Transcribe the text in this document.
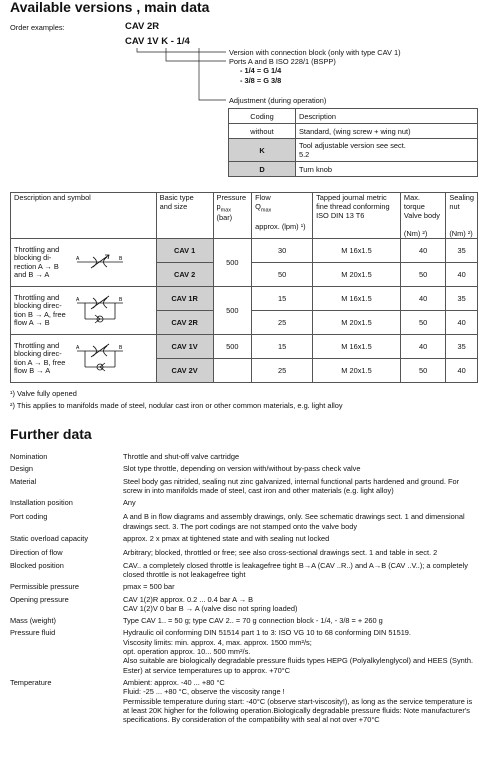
Available versions , main data
Order examples:	CAV 2R
CAV 1V K - 1/4
Version with connection block (only with type CAV 1)
Ports A and B ISO 228/1 (BSPP)
- 1/4 = G 1/4
- 3/8 = G 3/8
Adjustment (during operation)
Coding	Description
without	Standard, (wing screw + wing nut)
K	Tool adjustable version see sect. 5.2
D	Turn knob
Description and symbol	Basic type and size	Pressure
$p_{max}$
(bar)	Flow
$Q_{max}$

approx. (lpm) ¹)	Tapped journal metric fine thread conforming ISO DIN 13 T6	Max. torque Valve body

(Nm) ²)	Sealing nut

(Nm) ²)

Throttling and blocking di- rection A → B and B → A
A B	CAV 1	500	30	M 16x1.5	40	35
	CAV 2		50	M 20x1.5	50	40

Throttling and blocking direc- tion B → A, free flow A → B
A B	CAV 1R	500	15	M 16x1.5	40	35
	CAV 2R		25	M 20x1.5	50	40

Throttling and blocking direc- tion A → B, free flow B → A
A B	CAV 1V	500	15	M 16x1.5	40	35
	CAV 2V		25	M 20x1.5	50	40
¹) Valve fully opened
²) This applies to manifolds made of steel, nodular cast iron or other common materials, e.g. light alloy
Further data
Nomination	Throttle and shut-off valve cartridge
Design	Slot type throttle, depending on version with/without by-pass check valve
Material	Steel body gas nitrided, sealing nut zinc galvanized, internal functional parts hardened and ground. For screw in into manifolds made of steel, cast iron and other materials (e.g. light alloy)
Installation position	Any
Port coding	A and B in flow diagrams and assembly drawings, only. See schematic drawings sect. 1 and dimensional drawings sect. 3. The port codings are not stamped onto the valve body
Static overload capacity	approx. 2 x pmax at tightened state and with sealing nut locked
Direction of flow	Arbitrary; blocked, throttled or free; see also cross-sectional drawings sect. 1 and table in sect. 2
Blocked position	CAV.. a completely closed throttle is leakagefree tight B→A (CAV ..R..) and A→B (CAV ..V..); a completely closed throttle is not leakagefree tight
Permissible pressure	pmax = 500 bar
Opening pressure	CAV 1(2)R approx. 0.2 ... 0.4 bar A → B
CAV 1(2)V 0 bar B → A (valve disc not spring loaded)
Mass (weight)	Type CAV 1.. = 50 g; type CAV 2.. = 70 g connection block - 1/4, - 3/8 = + 260 g
Pressure fluid	Hydraulic oil conforming DIN 51514 part 1 to 3: ISO VG 10 to 68 conforming DIN 51519.
Viscosity limits: min. approx. 4, max. approx. 1500 mm²/s;
opt. operation approx. 10... 500 mm²/s.
Also suitable are biologically degradable pressure fluids types HEPG (Polyalkylenglycol) and HEES (Synth. Ester) at service temperatures up to approx. +70°C
Temperature	Ambient: approx. -40 ... +80 °C
Fluid: -25 ... +80 °C, observe the viscosity range !
Permissible temperature during start: -40°C (observe start-viscosity!), as long as the service temperature is at least 20K higher for the following operation.Biologically degradable pressure fluids: Note manufacturer's specifications. By consideration of the compatibility with seal al not over +70°C
